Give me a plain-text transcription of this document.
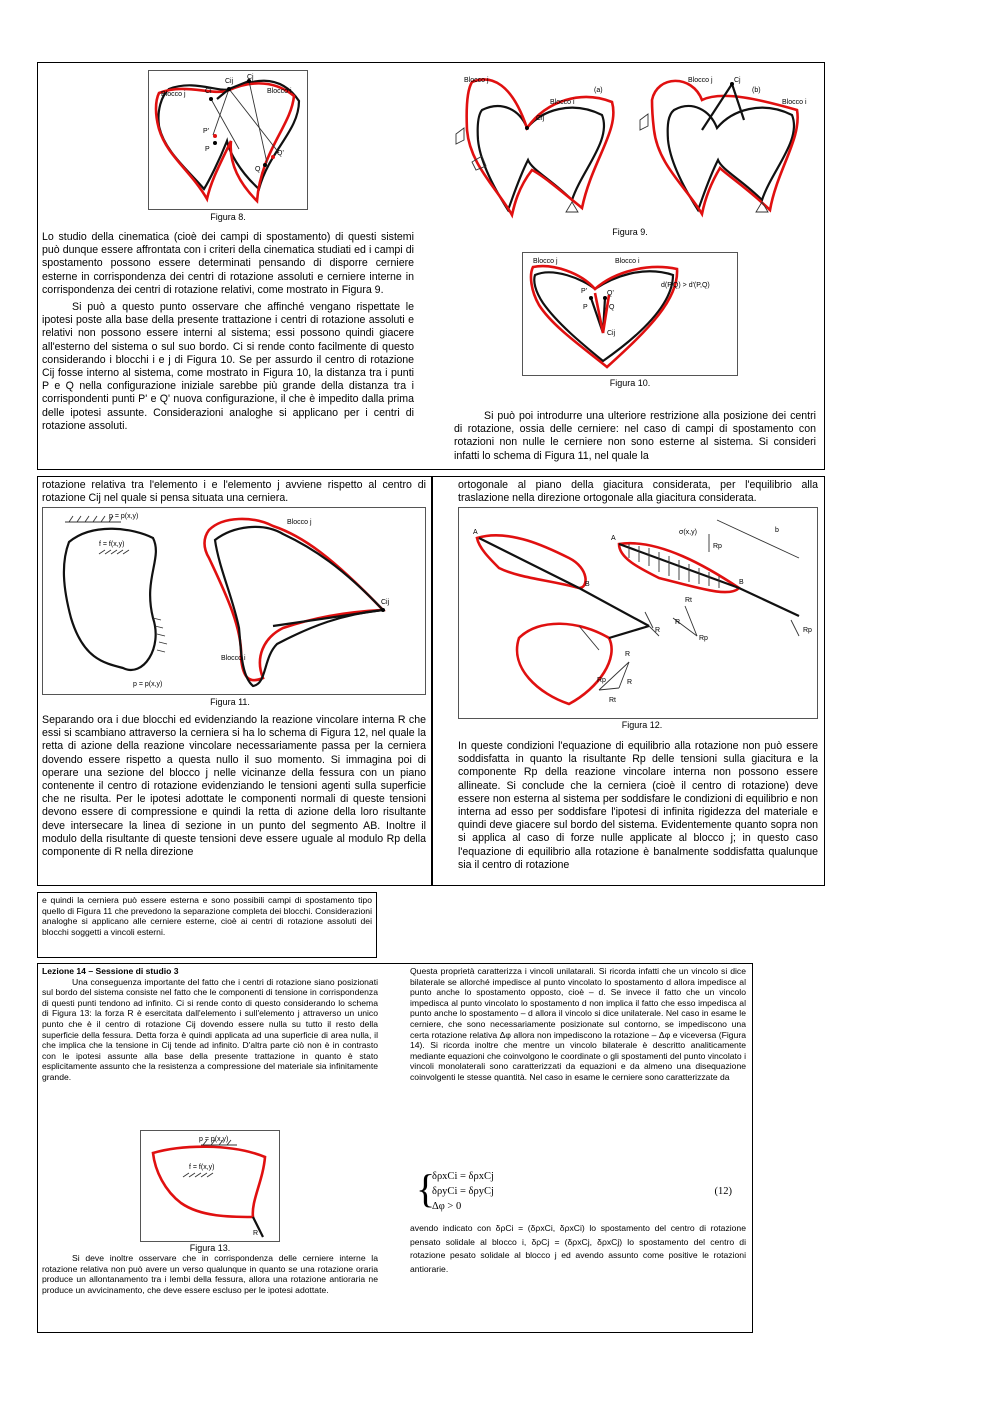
Blocco j	Blocco i
Ci
Cij
Cj
P'
P
Q'
Q
Figura 8.

Lo studio della cinematica (cioè dei campi di spostamento) di questi sistemi può dunque essere affrontata con i criteri della cinematica studiati ed i campi di spostamento possono essere determinati pensando di disporre cerniere esterne in corrispondenza dei centri di rotazione assoluti e cerniere interne in corrispondenza dei centri di rotazione relativi, come mostrato in Figura 9.

Si può a questo punto osservare che affinché vengano rispettate le ipotesi poste alla base della presente trattazione i centri di rotazione assoluti e relativi non possono essere interni al sistema; essi possono quindi giacere all'esterno del sistema o sul suo bordo. Ci si rende conto facilmente di questo considerando i blocchi i e j di Figura 10. Se per assurdo il centro di rotazione Cij fosse interno al sistema, come mostrato in Figura 10, la distanza tra i punti P e Q nella configurazione iniziale sarebbe più grande della distanza tra i corrispondenti punti P' e Q' nuova configurazione, il che è impedito dalla prima delle ipotesi assunte. Considerazioni analoghe si applicano per i centri di rotazione assoluti.

Blocco j
Blocco i
(a)
Cij
Blocco j	Cj
Blocco i
(b)
Figura 9.
Blocco j	Blocco i
d(P,Q) > d'(P,Q)
P'	Q'
P	Q
Cij
Figura 10.

Si può poi introdurre una ulteriore restrizione alla posizione dei centri di rotazione, ossia delle cerniere: nel caso di campi di spostamento con rotazioni non nulle le cerniere non sono esterne al sistema. Si consideri infatti lo schema di Figura 11, nel quale la

rotazione relativa tra l'elemento i e l'elemento j avviene rispetto al centro di rotazione Cij nel quale si pensa situata una cerniera.
ortogonale al piano della giacitura considerata, per l'equilibrio alla traslazione nella direzione ortogonale alla giacitura considerata.
p = p(x,y)
f = f(x,y)
p = p(x,y)
Blocco j
Blocco i
Cij
Figura 11.
A
A
B	B
σ(x,y)
Rp
b
Rt
R
R
Rp
Rp
R
Rp	R
Rt
Figura 12.
Separando ora i due blocchi ed evidenziando la reazione vincolare interna R che essi si scambiano attraverso la cerniera si ha lo schema di Figura 12, nel quale la retta di azione della reazione vincolare necessariamente passa per la cerniera dovendo essere rispetto a questa nullo il suo momento. Si immagina poi di operare una sezione del blocco j nelle vicinanze della fessura con un piano contenente il centro di rotazione evidenziando le tensioni agenti sulla superficie che ne risulta. Per le ipotesi adottate le componenti normali di queste tensioni devono essere di compressione e quindi la retta di azione della loro risultante deve intersecare la linea di sezione in un punto del segmento AB. Inoltre il modulo della risultante di queste tensioni deve essere uguale al modulo Rp della componente di R nella direzione
In queste condizioni l'equazione di equilibrio alla rotazione non può essere soddisfatta in quanto la risultante Rp delle tensioni sulla giacitura e la componente Rp della reazione vincolare interna non possono essere allineate. Si conclude che la cerniera (cioè il centro di rotazione) deve essere non esterna al sistema per soddisfare le condizioni di equilibrio e non interna ad esso per soddisfare l'ipotesi di infinita rigidezza del materiale e quindi deve giacere sul bordo del sistema. Evidentemente quanto sopra non si applica al caso di forze nulle applicate al blocco j; in questo caso l'equazione di equilibrio alla rotazione è banalmente soddisfatta qualunque sia il centro di rotazione
e quindi la cerniera può essere esterna e sono possibili campi di spostamento tipo quello di Figura 11 che prevedono la separazione completa dei blocchi. Considerazioni analoghe si applicano alle cerniere esterne, cioè ai centri di rotazione assoluti dei blocchi soggetti a vincoli esterni.

Lezione 14 – Sessione di studio 3

Una conseguenza importante del fatto che i centri di rotazione siano posizionati sul bordo del sistema consiste nel fatto che le componenti di tensione in corrispondenza di questi punti tendono ad infinito. Ci si rende conto di questo considerando lo schema di Figura 13: la forza R è esercitata dall'elemento i sull'elemento j attraverso un unico punto che è il centro di rotazione Cij dovendo essere nulla su tutto il resto della superficie della fessura. Detta forza è quindi applicata ad una superficie di area nulla, il che implica che la tensione in Cij tende ad infinito. D'altra parte ciò non è in contrasto con le ipotesi assunte alla base della presente trattazione in quanto è stato esplicitamente assunto che la resistenza a compressione del materiale sia infinitamente grande.

p = p(x,y)
f = f(x,y)
R
Figura 13.

Si deve inoltre osservare che in corrispondenza delle cerniere interne la rotazione relativa non può avere un verso qualunque in quanto se una rotazione oraria produce un allontanamento tra i lembi della fessura, allora una rotazione antioraria ne produce un avvicinamento, che deve essere escluso per le ipotesi adottate.

Questa proprietà caratterizza i vincoli unilatarali. Si ricorda infatti che un vincolo si dice bilaterale se allorché impedisce al punto vincolato lo spostamento d allora impedisce al punto anche lo spostamento opposto, cioè – d. Se invece il fatto che un vincolo impedisca al punto vincolato lo spostamento d non implica il fatto che esso impedisca al punto anche lo spostamento – d allora il vincolo si dice unilaterale. Nel caso in esame le cerniere, che sono necessariamente posizionate sul contorno, se impediscono una certa rotazione relativa Δφ allora non impediscono la rotazione – Δφ e viceversa (Figura 14). Si ricorda inoltre che mentre un vincolo bilaterale è descritto analiticamente mediante equazioni che coinvolgono le coordinate o gli spostamenti del punto vincolato i vincoli monolaterali sono caratterizzati da equazioni e da almeno una disequazione coinvolgenti le stesse quantità. Nel caso in esame le cerniere sono caratterizzate da

{
δρxCi = δρxCj
δρyCi = δρyCj
Δφ > 0
(12)

avendo indicato con δρCi = (δρxCi, δρxCi) lo spostamento del centro di rotazione pensato solidale al blocco i, δρCj = (δρxCj, δρxCj) lo spostamento del centro di rotazione pesato solidale al blocco j ed avendo assunto come positive le rotazioni antiorarie.
